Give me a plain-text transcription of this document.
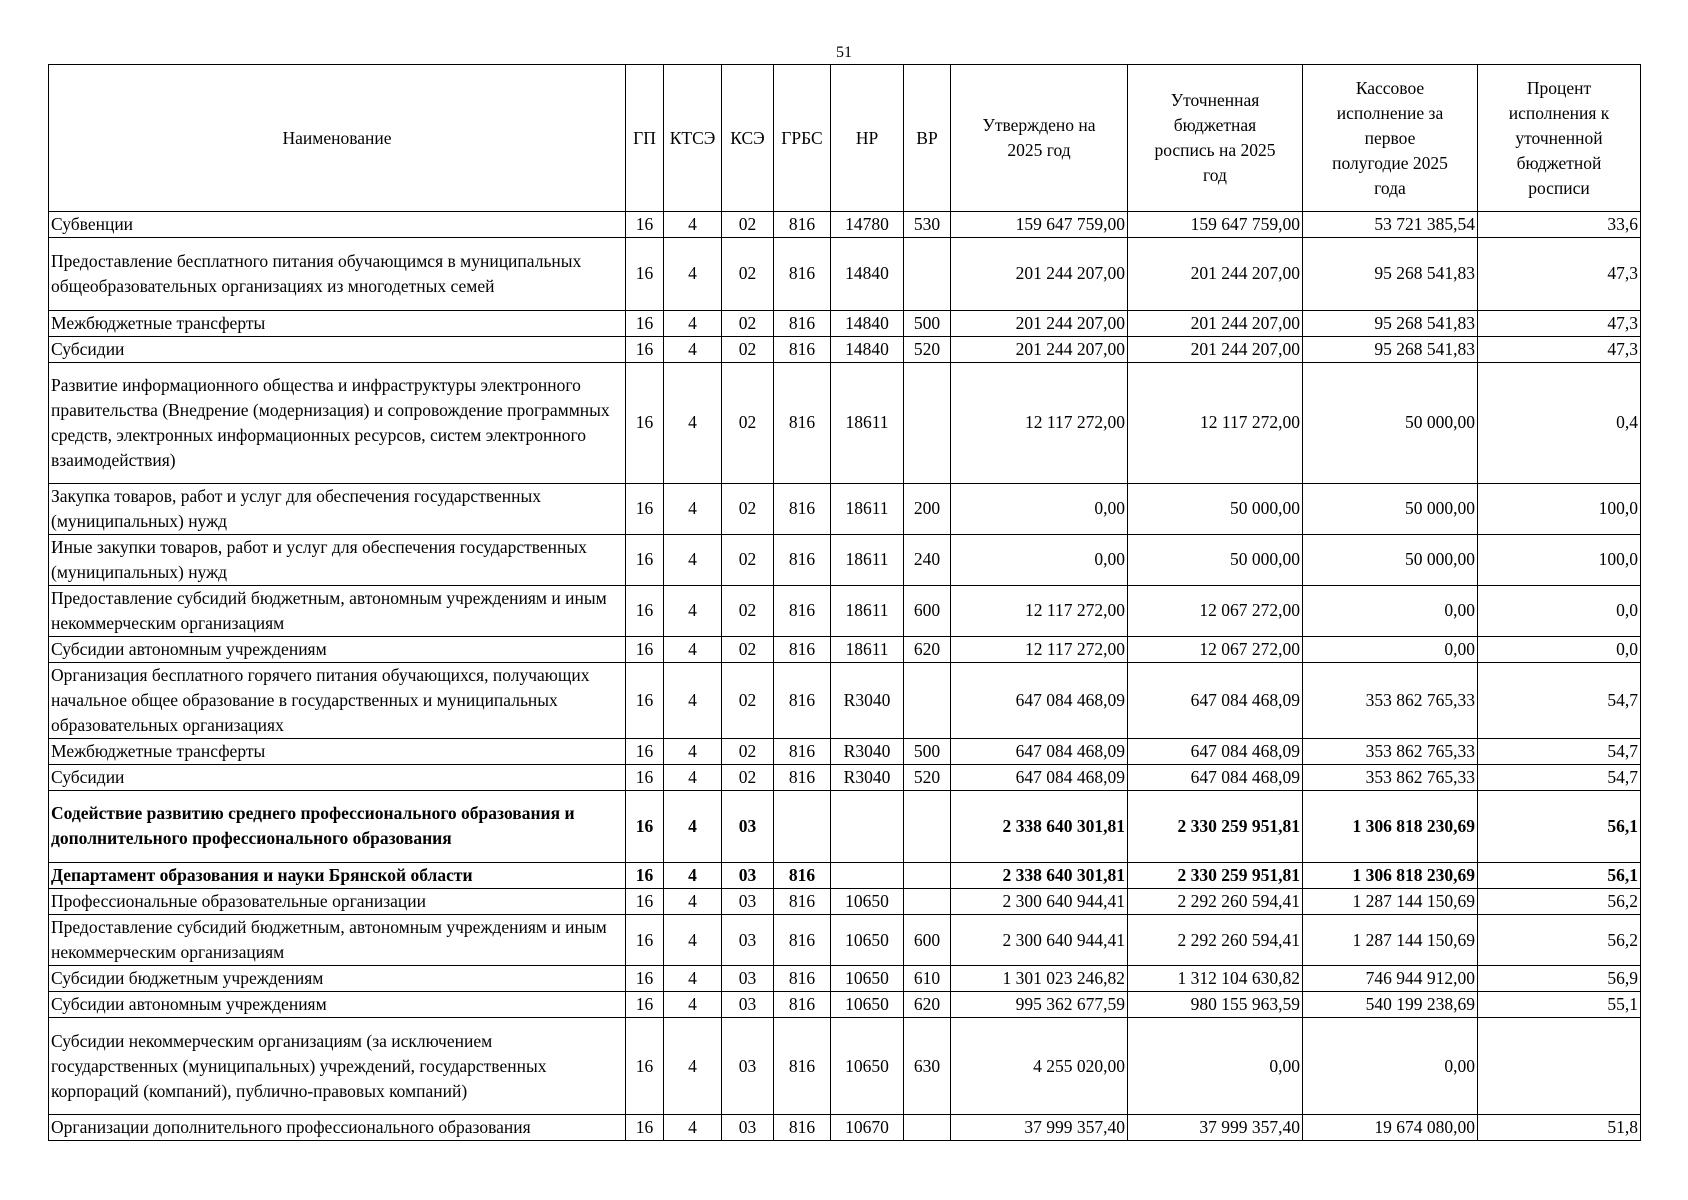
51
Наименование	ГП	КТСЭ	КСЭ	ГРБС	НР	ВР	Утверждено на 2025 год	Уточненная бюджетная роспись на 2025 год	Кассовое исполнение за первое полугодие 2025 года	Процент исполнения к уточненной бюджетной росписи
Субвенции	16	4	02	816	14780	530	159 647 759,00	159 647 759,00	53 721 385,54	33,6
Предоставление бесплатного питания обучающимся в муниципальных общеобразовательных организациях из многодетных семей	16	4	02	816	14840		201 244 207,00	201 244 207,00	95 268 541,83	47,3
Межбюджетные трансферты	16	4	02	816	14840	500	201 244 207,00	201 244 207,00	95 268 541,83	47,3
Субсидии	16	4	02	816	14840	520	201 244 207,00	201 244 207,00	95 268 541,83	47,3
Развитие информационного общества и инфраструктуры электронного правительства (Внедрение (модернизация) и сопровождение программных средств, электронных информационных ресурсов, систем электронного взаимодействия)	16	4	02	816	18611		12 117 272,00	12 117 272,00	50 000,00	0,4
Закупка товаров, работ и услуг для обеспечения государственных (муниципальных) нужд	16	4	02	816	18611	200	0,00	50 000,00	50 000,00	100,0
Иные закупки товаров, работ и услуг для обеспечения государственных (муниципальных) нужд	16	4	02	816	18611	240	0,00	50 000,00	50 000,00	100,0
Предоставление субсидий бюджетным, автономным учреждениям и иным некоммерческим организациям	16	4	02	816	18611	600	12 117 272,00	12 067 272,00	0,00	0,0
Субсидии автономным учреждениям	16	4	02	816	18611	620	12 117 272,00	12 067 272,00	0,00	0,0
Организация бесплатного горячего питания обучающихся, получающих начальное общее образование в государственных и муниципальных образовательных организациях	16	4	02	816	R3040		647 084 468,09	647 084 468,09	353 862 765,33	54,7
Межбюджетные трансферты	16	4	02	816	R3040	500	647 084 468,09	647 084 468,09	353 862 765,33	54,7
Субсидии	16	4	02	816	R3040	520	647 084 468,09	647 084 468,09	353 862 765,33	54,7
Содействие развитию среднего профессионального образования и дополнительного профессионального образования	16	4	03				2 338 640 301,81	2 330 259 951,81	1 306 818 230,69	56,1
Департамент образования и науки Брянской области	16	4	03	816			2 338 640 301,81	2 330 259 951,81	1 306 818 230,69	56,1
Профессиональные образовательные организации	16	4	03	816	10650		2 300 640 944,41	2 292 260 594,41	1 287 144 150,69	56,2
Предоставление субсидий бюджетным, автономным учреждениям и иным некоммерческим организациям	16	4	03	816	10650	600	2 300 640 944,41	2 292 260 594,41	1 287 144 150,69	56,2
Субсидии бюджетным учреждениям	16	4	03	816	10650	610	1 301 023 246,82	1 312 104 630,82	746 944 912,00	56,9
Субсидии автономным учреждениям	16	4	03	816	10650	620	995 362 677,59	980 155 963,59	540 199 238,69	55,1
Субсидии некоммерческим организациям (за исключением государственных (муниципальных) учреждений, государственных корпораций (компаний), публично-правовых компаний)	16	4	03	816	10650	630	4 255 020,00	0,00	0,00	
Организации дополнительного профессионального образования	16	4	03	816	10670		37 999 357,40	37 999 357,40	19 674 080,00	51,8
